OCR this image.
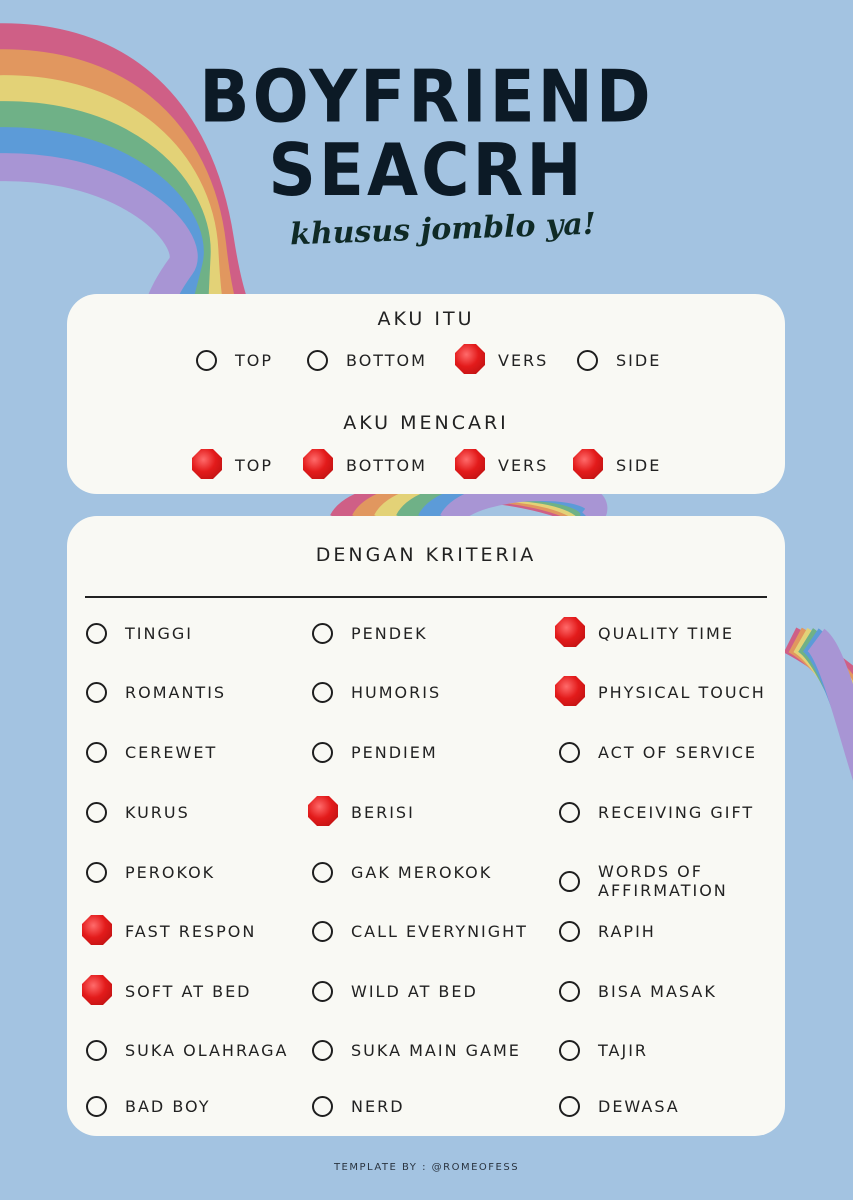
BOYFRIEND
SEACRH
khusus jomblo ya!
AKU ITU
TOP	BOTTOM	VERS	SIDE
AKU MENCARI
TOP	BOTTOM	VERS	SIDE
DENGAN KRITERIA
TINGGI	PENDEK	QUALITY TIME
ROMANTIS	HUMORIS	PHYSICAL TOUCH
CEREWET	PENDIEM	ACT OF SERVICE
KURUS	BERISI	RECEIVING GIFT
PEROKOK	GAK MEROKOK	WORDS OF
AFFIRMATION
FAST RESPON	CALL EVERYNIGHT	RAPIH
SOFT AT BED	WILD AT BED	BISA MASAK
SUKA OLAHRAGA	SUKA MAIN GAME	TAJIR
BAD BOY	NERD	DEWASA
TEMPLATE BY : @ROMEOFESS
